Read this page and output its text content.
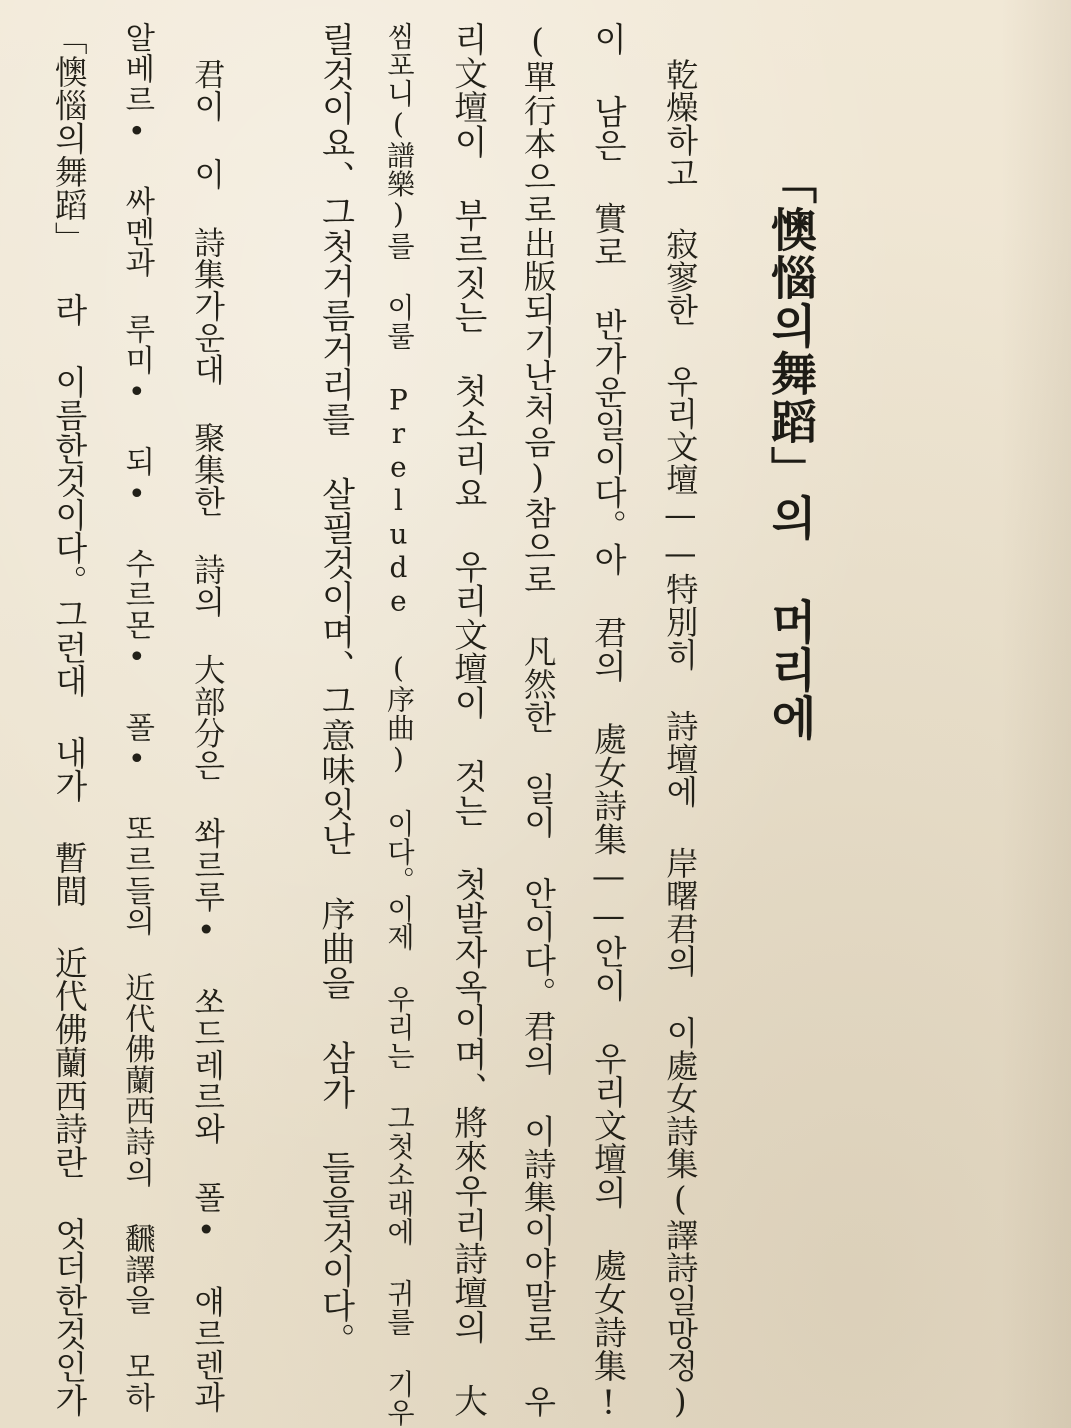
「懊惱의舞蹈」의 머리에
乾燥하고 寂寥한 우리文壇——特別히 詩壇에 岸曙君의 이處女詩集(譯詩일망정)
이 남은 實로 반가운일이다。아 君의 處女詩集——안이 우리文壇의 處女詩集!
(單行本으로出版되기난처음)참으로 凡然한 일이 안이다。君의 이詩集이야말로 우
리文壇이 부르짓는 첫소리요 우리文壇이 것는 첫발자옥이며、將來우리詩壇의 大
씸포니(譜樂)를 이룰 Prelude (序曲) 이다。이제 우리는 그첫소래에 귀를 기우
릴것이요、그첫거름거리를 살필것이며、그意味잇난 序曲을 삼가 들을것이다。
君이 이 詩集가운대 聚集한 詩의 大部分은 쏴르루• 쏘드레르와 폴• 얘르렌과
알베르• 싸멘과 루미• 되• 수르몬• 폴• 또르들의 近代佛蘭西詩의 飜譯을 모하
「懊惱의舞蹈」 라 이름한것이다。그런대 내가 暫間 近代佛蘭西詩란 엇더한것인가
